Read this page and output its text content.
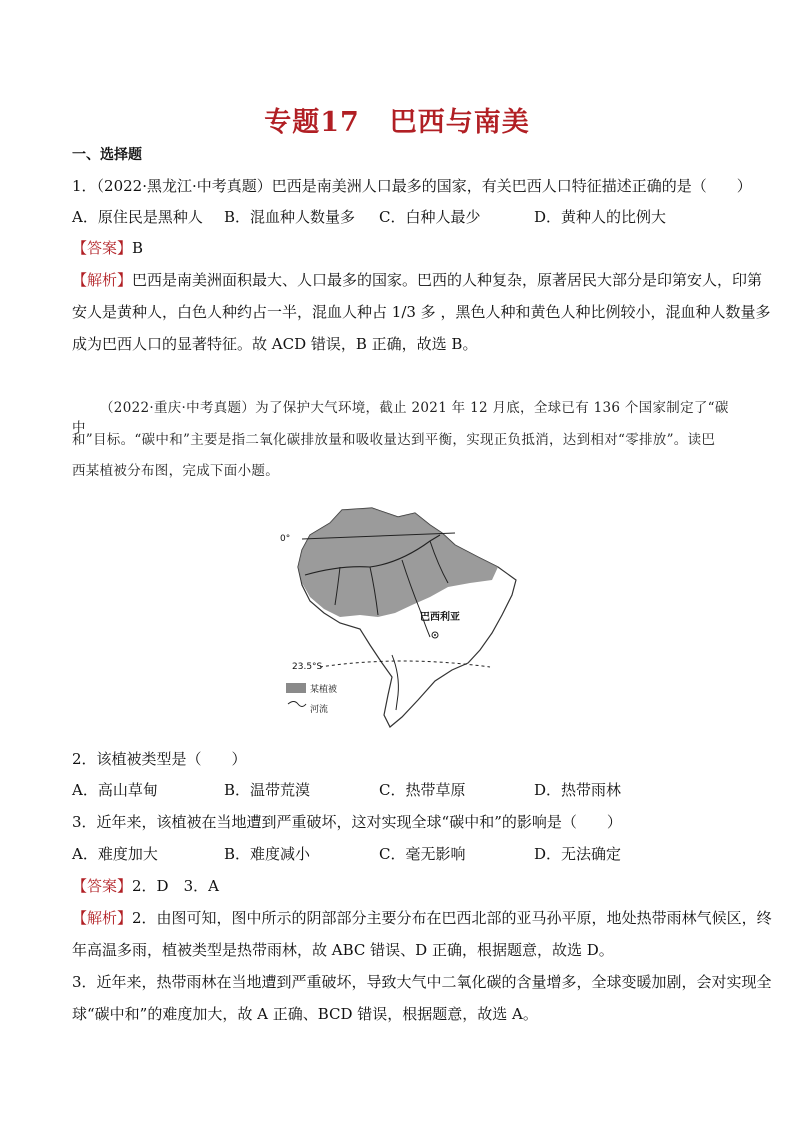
专题17 巴西与南美
一、选择题
1．（2022·黑龙江·中考真题）巴西是南美洲人口最多的国家，有关巴西人口特征描述正确的是（　　）
A．原住民是黑种人 B．混血种人数量多 C．白种人最少	D．黄种人的比例大
【答案】B
【解析】巴西是南美洲面积最大、人口最多的国家。巴西的人种复杂，原著居民大部分是印第安人，印第
安人是黄种人，白色人种约占一半，混血人种占 1/3 多 ，黑色人种和黄色人种比例较小，混血种人数量多
成为巴西人口的显著特征。故 ACD 错误，B 正确，故选 B。
（2022·重庆·中考真题）为了保护大气环境，截止 2021 年 12 月底，全球已有 136 个国家制定了“碳中
和”目标。“碳中和”主要是指二氧化碳排放量和吸收量达到平衡，实现正负抵消，达到相对“零排放”。读巴
西某植被分布图，完成下面小题。
0°
巴西利亚
23.5°S
某植被
河流
2．该植被类型是（　　）
A．高山草甸	B．温带荒漠	C．热带草原	D．热带雨林
3．近年来，该植被在当地遭到严重破坏，这对实现全球“碳中和”的影响是（　　）
A．难度加大	B．难度减小	C．毫无影响	D．无法确定
【答案】2．D　3．A
【解析】2．由图可知，图中所示的阴部部分主要分布在巴西北部的亚马孙平原，地处热带雨林气候区，终
年高温多雨，植被类型是热带雨林，故 ABC 错误、D 正确，根据题意，故选 D。
3．近年来，热带雨林在当地遭到严重破坏，导致大气中二氧化碳的含量增多，全球变暖加剧，会对实现全
球“碳中和”的难度加大，故 A 正确、BCD 错误，根据题意，故选 A。
